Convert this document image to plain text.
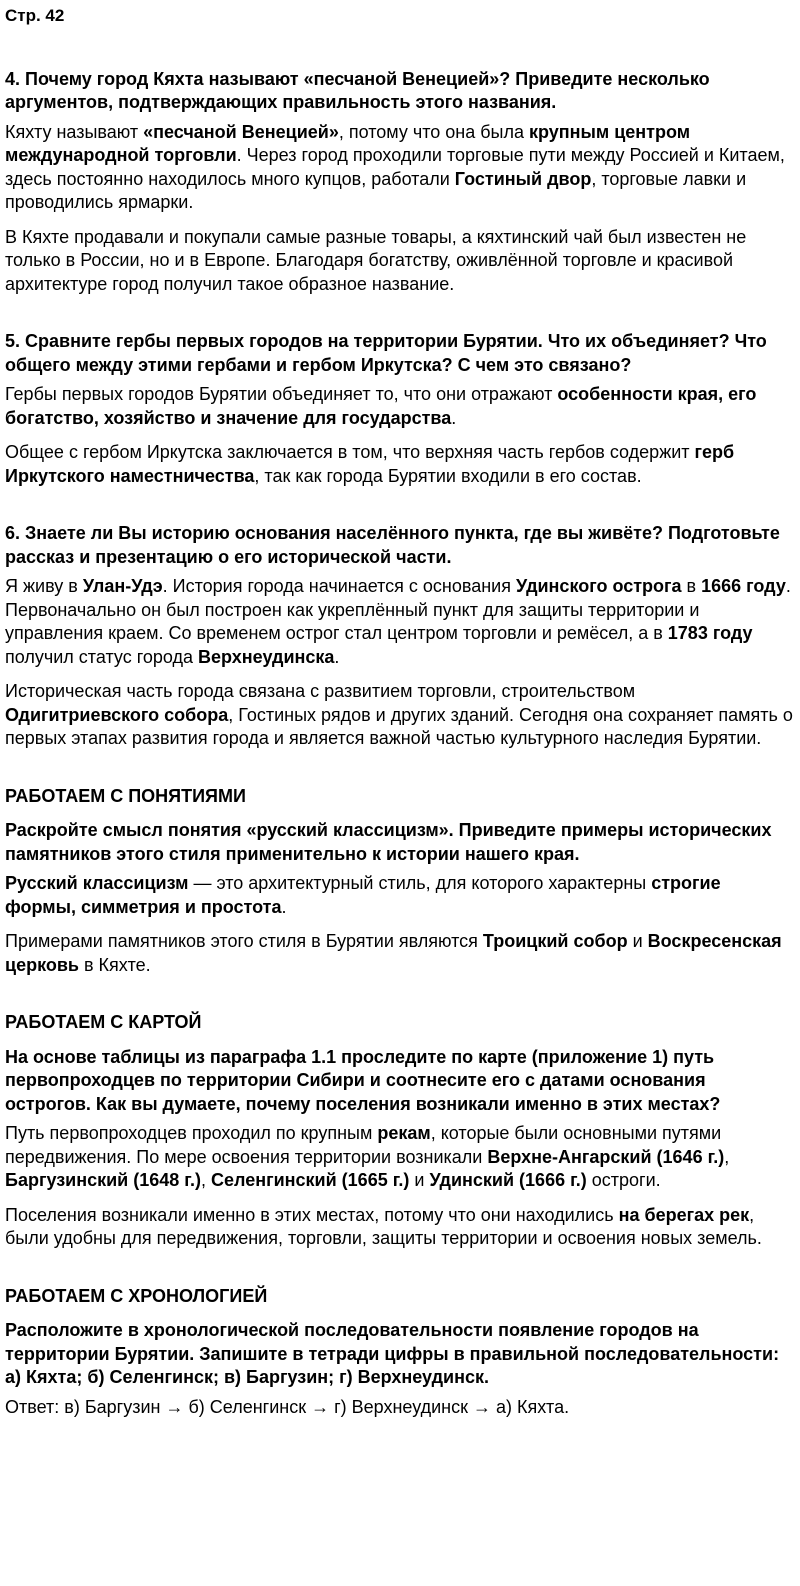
Стр. 42
4. Почему город Кяхта называют «песчаной Венецией»? Приведите несколько аргументов, подтверждающих правильность этого названия.
Кяхту называют «песчаной Венецией», потому что она была крупным центром международной торговли. Через город проходили торговые пути между Россией и Китаем, здесь постоянно находилось много купцов, работали Гостиный двор, торговые лавки и проводились ярмарки.
В Кяхте продавали и покупали самые разные товары, а кяхтинский чай был известен не только в России, но и в Европе. Благодаря богатству, оживлённой торговле и красивой архитектуре город получил такое образное название.
5. Сравните гербы первых городов на территории Бурятии. Что их объединяет? Что общего между этими гербами и гербом Иркутска? С чем это связано?
Гербы первых городов Бурятии объединяет то, что они отражают особенности края, его богатство, хозяйство и значение для государства.
Общее с гербом Иркутска заключается в том, что верхняя часть гербов содержит герб Иркутского наместничества, так как города Бурятии входили в его состав.
6. Знаете ли Вы историю основания населённого пункта, где вы живёте? Подготовьте рассказ и презентацию о его исторической части.
Я живу в Улан-Удэ. История города начинается с основания Удинского острога в 1666 году. Первоначально он был построен как укреплённый пункт для защиты территории и управления краем. Со временем острог стал центром торговли и ремёсел, а в 1783 году получил статус города Верхнеудинска.
Историческая часть города связана с развитием торговли, строительством Одигитриевского собора, Гостиных рядов и других зданий. Сегодня она сохраняет память о первых этапах развития города и является важной частью культурного наследия Бурятии.
РАБОТАЕМ С ПОНЯТИЯМИ
Раскройте смысл понятия «русский классицизм». Приведите примеры исторических памятников этого стиля применительно к истории нашего края.
Русский классицизм — это архитектурный стиль, для которого характерны строгие формы, симметрия и простота.
Примерами памятников этого стиля в Бурятии являются Троицкий собор и Воскресенская церковь в Кяхте.
РАБОТАЕМ С КАРТОЙ
На основе таблицы из параграфа 1.1 проследите по карте (приложение 1) путь первопроходцев по территории Сибири и соотнесите его с датами основания острогов. Как вы думаете, почему поселения возникали именно в этих местах?
Путь первопроходцев проходил по крупным рекам, которые были основными путями передвижения. По мере освоения территории возникали Верхне-Ангарский (1646 г.), Баргузинский (1648 г.), Селенгинский (1665 г.) и Удинский (1666 г.) остроги.
Поселения возникали именно в этих местах, потому что они находились на берегах рек, были удобны для передвижения, торговли, защиты территории и освоения новых земель.
РАБОТАЕМ С ХРОНОЛОГИЕЙ
Расположите в хронологической последовательности появление городов на территории Бурятии. Запишите в тетради цифры в правильной последовательности: а) Кяхта; б) Селенгинск; в) Баргузин; г) Верхнеудинск.
Ответ: в) Баргузин → б) Селенгинск → г) Верхнеудинск → а) Кяхта.
